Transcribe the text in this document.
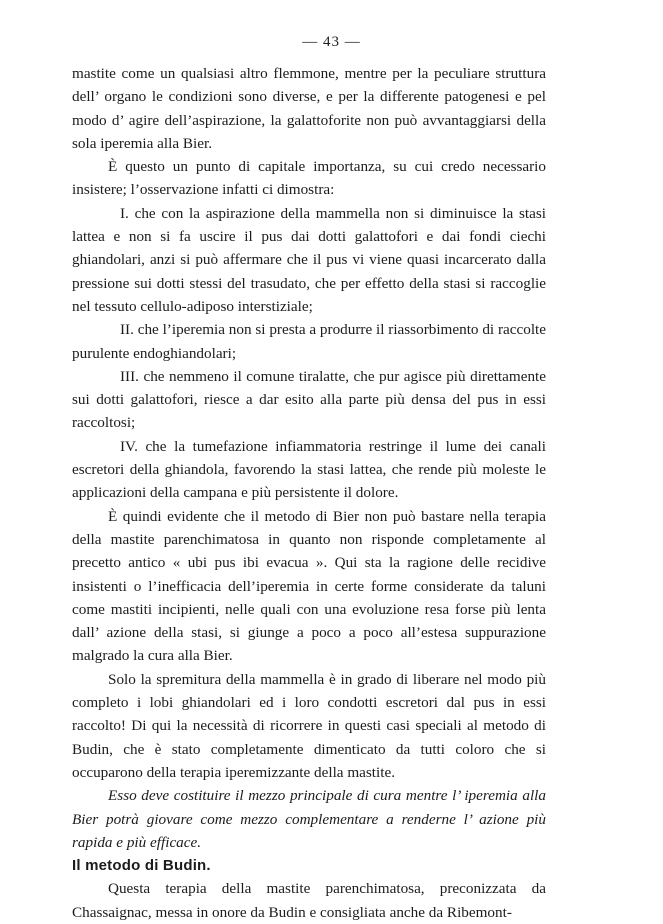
— 43 —

mastite come un qualsiasi altro flemmone, mentre per la peculiare struttura dell’ organo le condizioni sono diverse, e per la differente patogenesi e pel modo d’ agire dell’aspirazione, la galattoforite non può avvantaggiarsi della sola iperemia alla Bier.

È questo un punto di capitale importanza, su cui credo necessario insistere; l’osservazione infatti ci dimostra:

I. che con la aspirazione della mammella non si diminuisce la stasi lattea e non si fa uscire il pus dai dotti galattofori e dai fondi ciechi ghiandolari, anzi si può affermare che il pus vi viene quasi incarcerato dalla pressione sui dotti stessi del trasudato, che per effetto della stasi si raccoglie nel tessuto cellulo-adiposo interstiziale;

II. che l’iperemia non si presta a produrre il riassorbimento di raccolte purulente endoghiandolari;

III. che nemmeno il comune tiralatte, che pur agisce più direttamente sui dotti galattofori, riesce a dar esito alla parte più densa del pus in essi raccoltosi;

IV. che la tumefazione infiammatoria restringe il lume dei canali escretori della ghiandola, favorendo la stasi lattea, che rende più moleste le applicazioni della campana e più persistente il dolore.

È quindi evidente che il metodo di Bier non può bastare nella terapia della mastite parenchimatosa in quanto non risponde completamente al precetto antico « ubi pus ibi evacua ». Qui sta la ragione delle recidive insistenti o l’inefficacia dell’iperemia in certe forme considerate da taluni come mastiti incipienti, nelle quali con una evoluzione resa forse più lenta dall’ azione della stasi, si giunge a poco a poco all’estesa suppurazione malgrado la cura alla Bier.

Solo la spremitura della mammella è in grado di liberare nel modo più completo i lobi ghiandolari ed i loro condotti escretori dal pus in essi raccolto! Di qui la necessità di ricorrere in questi casi speciali al metodo di Budin, che è stato completamente dimenticato da tutti coloro che si occuparono della terapia iperemizzante della mastite.

Esso deve costituire il mezzo principale di cura mentre l’ iperemia alla Bier potrà giovare come mezzo complementare a renderne l’ azione più rapida e più efficace.

Il metodo di Budin.

Questa terapia della mastite parenchimatosa, preconizzata da Chassaignac, messa in onore da Budin e consigliata anche da Ribemont-
